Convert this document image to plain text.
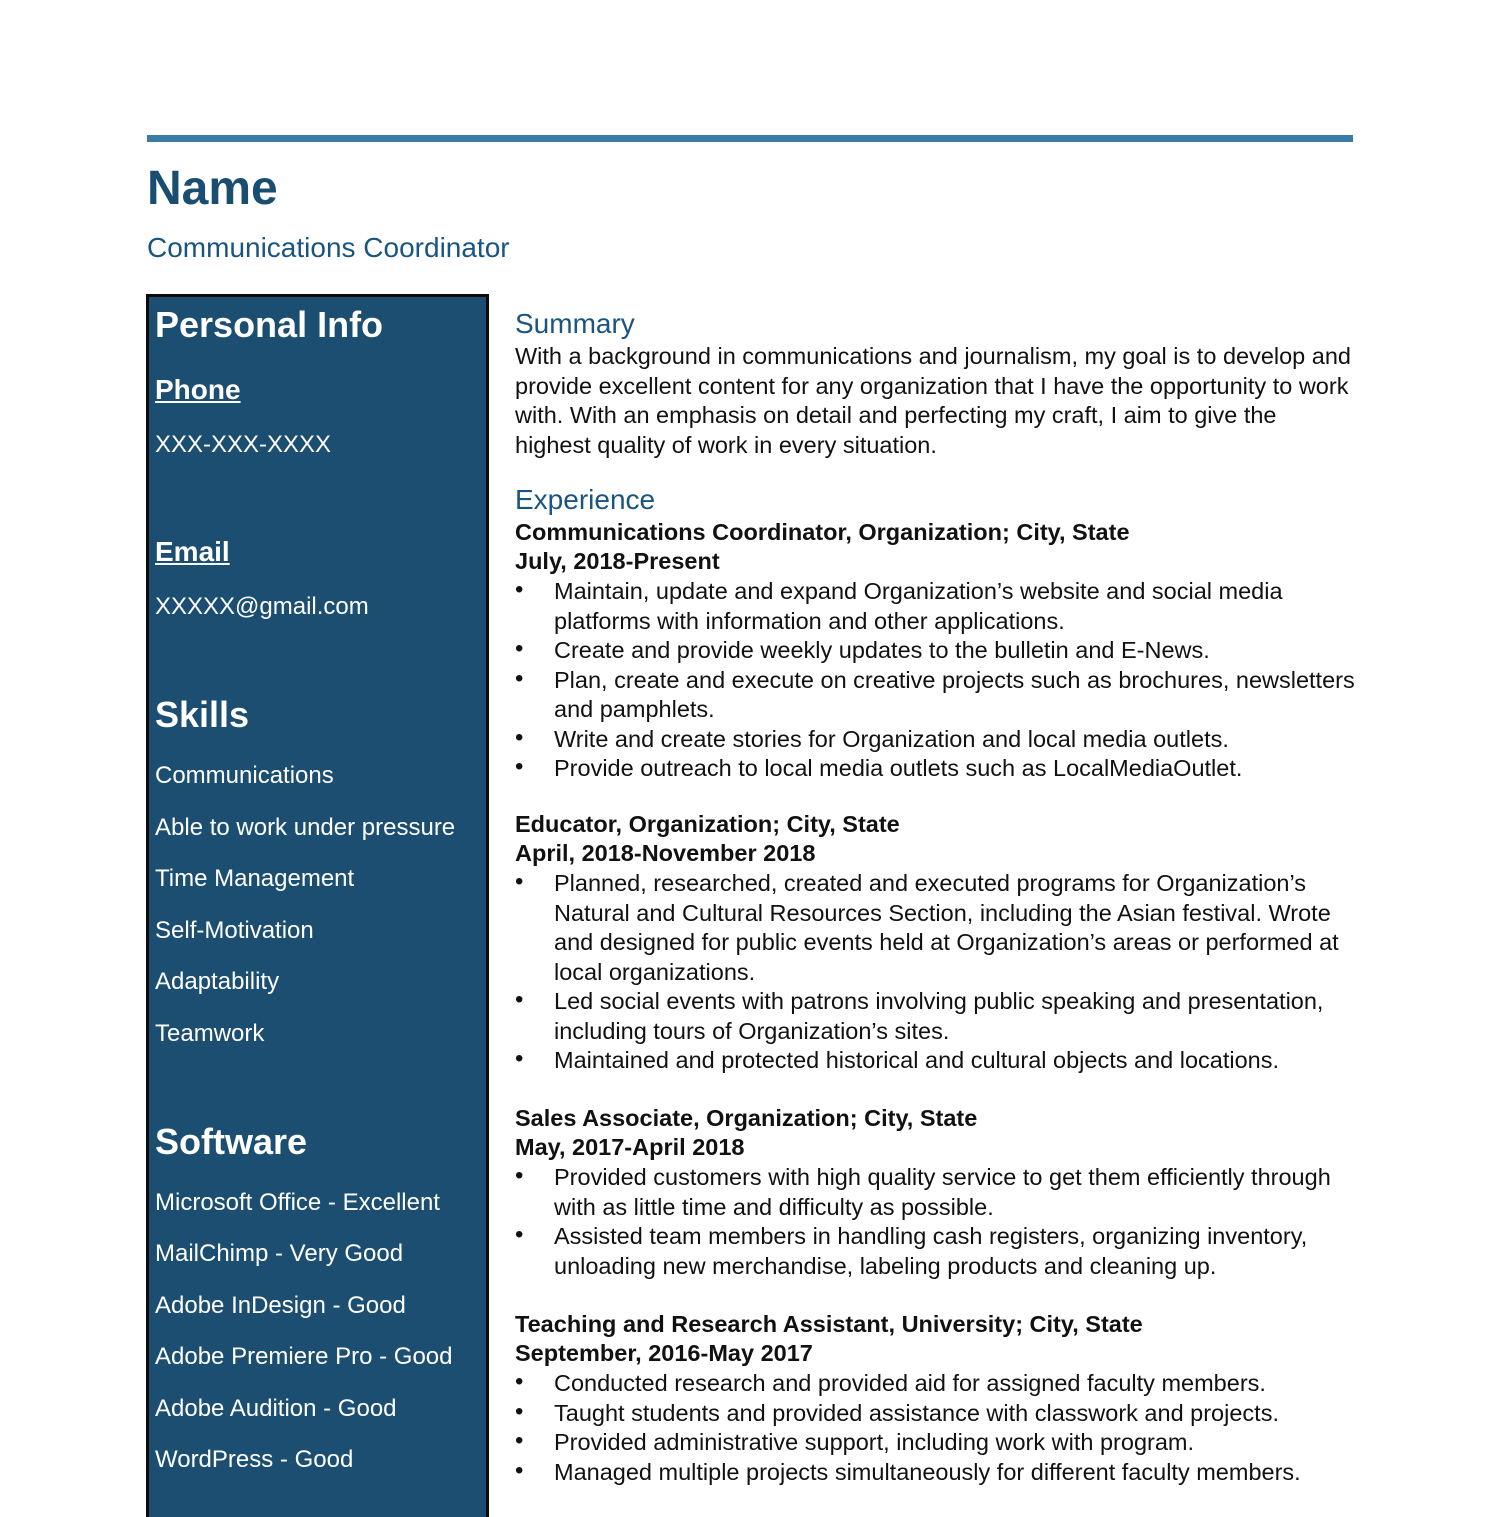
Name
Communications Coordinator
Personal Info
Phone
XXX-XXX-XXXX
Email
XXXXX@gmail.com
Skills
Communications
Able to work under pressure
Time Management
Self-Motivation
Adaptability
Teamwork
Software
Microsoft Office - Excellent
MailChimp - Very Good
Adobe InDesign - Good
Adobe Premiere Pro - Good
Adobe Audition - Good
WordPress - Good
Summary
With a background in communications and journalism, my goal is to develop and provide excellent content for any organization that I have the opportunity to work with. With an emphasis on detail and perfecting my craft, I aim to give the highest quality of work in every situation.
Experience
Communications Coordinator, Organization; City, State
July, 2018-Present
• Maintain, update and expand Organization’s website and social media platforms with information and other applications.
• Create and provide weekly updates to the bulletin and E-News.
• Plan, create and execute on creative projects such as brochures, newsletters and pamphlets.
• Write and create stories for Organization and local media outlets.
• Provide outreach to local media outlets such as LocalMediaOutlet.
Educator, Organization; City, State
April, 2018-November 2018
• Planned, researched, created and executed programs for Organization’s Natural and Cultural Resources Section, including the Asian festival. Wrote and designed for public events held at Organization’s areas or performed at local organizations.
• Led social events with patrons involving public speaking and presentation, including tours of Organization’s sites.
• Maintained and protected historical and cultural objects and locations.
Sales Associate, Organization; City, State
May, 2017-April 2018
• Provided customers with high quality service to get them efficiently through with as little time and difficulty as possible.
• Assisted team members in handling cash registers, organizing inventory, unloading new merchandise, labeling products and cleaning up.
Teaching and Research Assistant, University; City, State
September, 2016-May 2017
• Conducted research and provided aid for assigned faculty members.
• Taught students and provided assistance with classwork and projects.
• Provided administrative support, including work with program.
• Managed multiple projects simultaneously for different faculty members.
